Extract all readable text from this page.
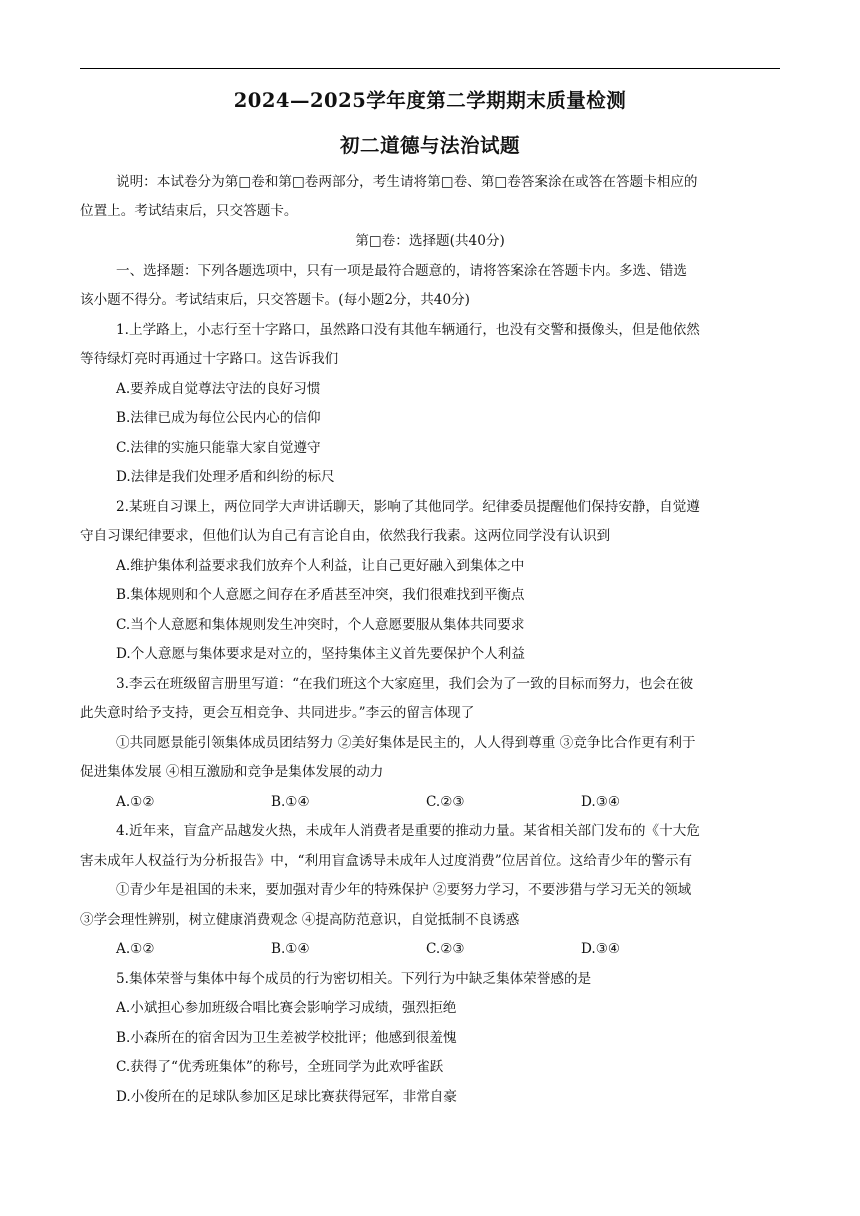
2024—2025学年度第二学期期末质量检测
初二道德与法治试题
说明：本试卷分为第□卷和第□卷两部分，考生请将第□卷、第□卷答案涂在或答在答题卡相应的
位置上。考试结束后，只交答题卡。
第□卷：选择题(共40分)
一、选择题：下列各题选项中，只有一项是最符合题意的，请将答案涂在答题卡内。多选、错选
该小题不得分。考试结束后，只交答题卡。(每小题2分，共40分)
1.上学路上，小志行至十字路口，虽然路口没有其他车辆通行，也没有交警和摄像头，但是他依然
等待绿灯亮时再通过十字路口。这告诉我们
A.要养成自觉尊法守法的良好习惯
B.法律已成为每位公民内心的信仰
C.法律的实施只能靠大家自觉遵守
D.法律是我们处理矛盾和纠纷的标尺
2.某班自习课上，两位同学大声讲话聊天，影响了其他同学。纪律委员提醒他们保持安静，自觉遵
守自习课纪律要求，但他们认为自己有言论自由，依然我行我素。这两位同学没有认识到
A.维护集体利益要求我们放弃个人利益，让自己更好融入到集体之中
B.集体规则和个人意愿之间存在矛盾甚至冲突，我们很难找到平衡点
C.当个人意愿和集体规则发生冲突时，个人意愿要服从集体共同要求
D.个人意愿与集体要求是对立的，坚持集体主义首先要保护个人利益
3.李云在班级留言册里写道：“在我们班这个大家庭里，我们会为了一致的目标而努力，也会在彼
此失意时给予支持，更会互相竞争、共同进步。”李云的留言体现了
①共同愿景能引领集体成员团结努力 ②美好集体是民主的，人人得到尊重 ③竞争比合作更有利于
促进集体发展 ④相互激励和竞争是集体发展的动力
A.①②	B.①④	C.②③	D.③④
4.近年来，盲盒产品越发火热，未成年人消费者是重要的推动力量。某省相关部门发布的《十大危
害未成年人权益行为分析报告》中，“利用盲盒诱导未成年人过度消费”位居首位。这给青少年的警示有
①青少年是祖国的未来，要加强对青少年的特殊保护 ②要努力学习，不要涉猎与学习无关的领域
③学会理性辨别，树立健康消费观念 ④提高防范意识，自觉抵制不良诱惑
A.①②	B.①④	C.②③	D.③④
5.集体荣誉与集体中每个成员的行为密切相关。下列行为中缺乏集体荣誉感的是
A.小斌担心参加班级合唱比赛会影响学习成绩，强烈拒绝
B.小森所在的宿舍因为卫生差被学校批评；他感到很羞愧
C.获得了“优秀班集体”的称号，全班同学为此欢呼雀跃
D.小俊所在的足球队参加区足球比赛获得冠军，非常自豪
